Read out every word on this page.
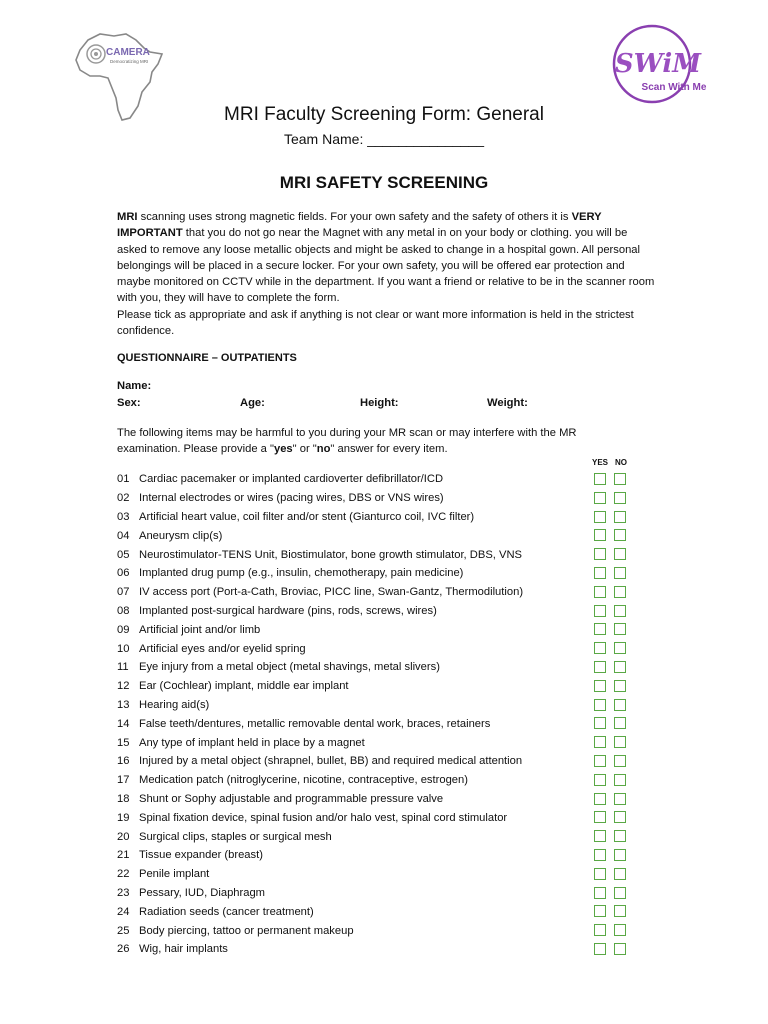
CAMERA
Democratizing MRI	SWiM
Scan With Me
MRI Faculty Screening Form: General
Team Name: _______________
MRI SAFETY SCREENING

MRI scanning uses strong magnetic fields. For your own safety and the safety of others it is VERY IMPORTANT that you do not go near the Magnet with any metal in on your body or clothing. you will be asked to remove any loose metallic objects and might be asked to change in a hospital gown. All personal belongings will be placed in a secure locker. For your own safety, you will be offered ear protection and maybe monitored on CCTV while in the department. If you want a friend or relative to be in the scanner room with you, they will have to complete the form.

Please tick as appropriate and ask if anything is not clear or want more information is held in the strictest confidence.

QUESTIONNAIRE – OUTPATIENTS
Name:
Sex:	Age:	Height:	Weight:
The following items may be harmful to you during your MR scan or may interfere with the MR examination. Please provide a "yes" or "no" answer for every item.
YES NO
01 Cardiac pacemaker or implanted cardioverter defibrillator/ICD
02 Internal electrodes or wires (pacing wires, DBS or VNS wires)
03 Artificial heart value, coil filter and/or stent (Gianturco coil, IVC filter)
04 Aneurysm clip(s)
05 Neurostimulator-TENS Unit, Biostimulator, bone growth stimulator, DBS, VNS
06 Implanted drug pump (e.g., insulin, chemotherapy, pain medicine)
07 IV access port (Port-a-Cath, Broviac, PICC line, Swan-Gantz, Thermodilution)
08 Implanted post-surgical hardware (pins, rods, screws, wires)
09 Artificial joint and/or limb
10 Artificial eyes and/or eyelid spring
11 Eye injury from a metal object (metal shavings, metal slivers)
12 Ear (Cochlear) implant, middle ear implant
13 Hearing aid(s)
14 False teeth/dentures, metallic removable dental work, braces, retainers
15 Any type of implant held in place by a magnet
16 Injured by a metal object (shrapnel, bullet, BB) and required medical attention
17 Medication patch (nitroglycerine, nicotine, contraceptive, estrogen)
18 Shunt or Sophy adjustable and programmable pressure valve
19 Spinal fixation device, spinal fusion and/or halo vest, spinal cord stimulator
20 Surgical clips, staples or surgical mesh
21 Tissue expander (breast)
22 Penile implant
23 Pessary, IUD, Diaphragm
24 Radiation seeds (cancer treatment)
25 Body piercing, tattoo or permanent makeup
26 Wig, hair implants
